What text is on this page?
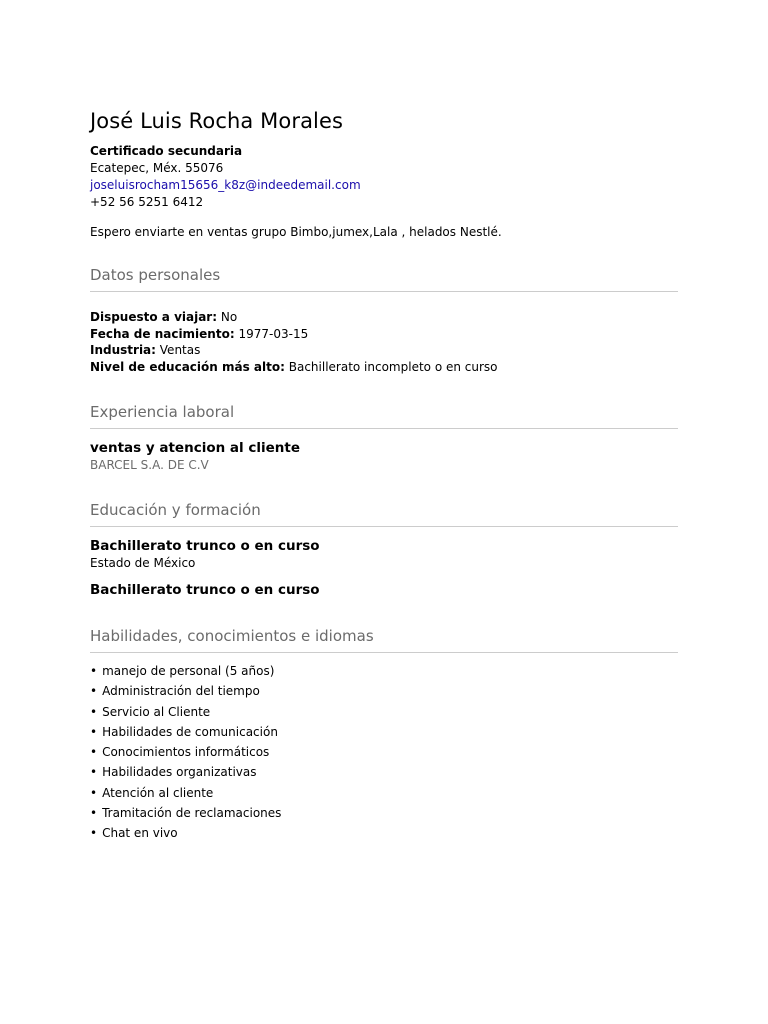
José Luis Rocha Morales

Certificado secundaria

Ecatepec, Méx. 55076

joseluisrocham15656_k8z@indeedemail.com

+52 56 5251 6412

Espero enviarte en ventas grupo Bimbo,jumex,Lala , helados Nestlé.

Datos personales
Dispuesto a viajar: No
Fecha de nacimiento: 1977-03-15
Industria: Ventas
Nivel de educación más alto: Bachillerato incompleto o en curso
Experiencia laboral

ventas y atencion al cliente

BARCEL S.A. DE C.V
Educación y formación

Bachillerato trunco o en curso

Estado de México

Bachillerato trunco o en curso

Habilidades, conocimientos e idiomas
• manejo de personal (5 años)
• Administración del tiempo
• Servicio al Cliente
• Habilidades de comunicación
• Conocimientos informáticos
• Habilidades organizativas
• Atención al cliente
• Tramitación de reclamaciones
• Chat en vivo
